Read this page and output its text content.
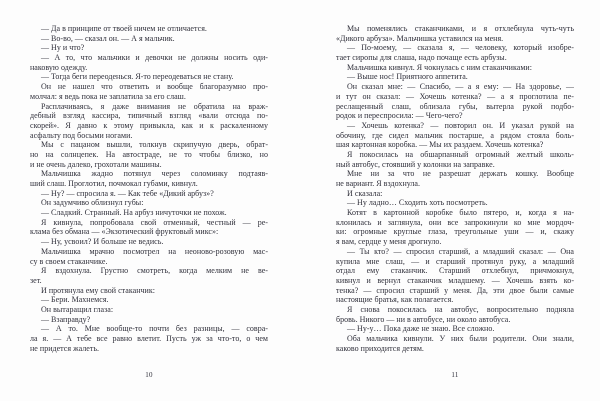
— Да в принципе от твоей ничем не отличается.
— Во-во, — сказал он. — А я мальчик.
— Ну и что?
— А то, что мальчики и девочки не должны носить оди-
наковую одежду.
— Тогда беги переоденься. Я-то переодеваться не стану.
Он не нашел что ответить и вообще благоразумно про-
молчал: я ведь пока не заплатила за его слаш.
Расплачиваясь, я даже внимания не обратила на враж-
дебный взгляд кассира, типичный взгляд «вали отсюда по-
скорей». Я давно к этому привыкла, как и к раскаленному
асфальту под босыми ногами.
Мы с пацаном вышли, толкнув скрипучую дверь, обрат-
но на солнцепек. На автостраде, не то чтобы близко, но
и не очень далеко, грохотали машины.
Мальчишка жадно потянул через соломинку подтаяв-
ший слаш. Проглотил, почмокал губами, кивнул.
— Ну? — спросила я. — Как тебе «Дикий арбуз»?
Он задумчиво облизнул губы:
— Сладкий. Странный. На арбуз ничуточки не похож.
Я кивнула, попробовала свой отменный, честный — ре-
клама без обмана — «Экзотический фруктовый микс»:
— Ну, усвоил? И больше не ведись.
Мальчишка мрачно посмотрел на неоново-розовую мас-
су в своем стаканчике.
Я вздохнула. Грустно смотреть, когда мелким не ве-
зет.
И протянула ему свой стаканчик:
— Бери. Махнемся.
Он вытаращил глаза:
— Взаправду?
— А то. Мне вообще-то почти без разницы, — совра-
ла я. — А тебе все равно влетит. Пусть уж за что-то, о чем
не придется жалеть.
10
Мы поменялись стаканчиками, и я отхлебнула чуть-чуть
«Дикого арбуза». Мальчишка уставился на меня.
— По-моему, — сказала я, — человеку, который изобре-
тает сиропы для слаша, надо почаще есть арбузы.
Мальчишка кивнул. Я чокнулась с ним стаканчиками:
— Выше нос! Приятного аппетита.
Он сказал мне: — Спасибо, — а я ему: — На здоровье, —
и тут он сказал: — Хочешь котенка? — а я проглотила пе-
реслащенный слаш, облизала губы, вытерла рукой подбо-
родок и переспросила: — Чего-чего?
— Хочешь котенка? — повторил он. И указал рукой на
обочину, где сидел мальчик постарше, а рядом стояла боль-
шая картонная коробка. — Мы их раздаем. Хочешь котенка?
Я покосилась на обшарпанный огромный желтый школь-
ный автобус, стоявший у колонки на заправке.
Мне ни за что не разрешат держать кошку. Вообще
не вариант. Я вздохнула.
И сказала:
— Ну ладно… Сходить хоть посмотреть.
Котят в картонной коробке было пятеро, и, когда я на-
клонилась и заглянула, они все запрокинули ко мне мордоч-
ки: огромные круглые глаза, треугольные уши — и, скажу
я вам, сердце у меня дрогнуло.
— Ты кто? — спросил старший, а младший сказал: — Она
купила мне слаш, — и старший протянул руку, а младший
отдал ему стаканчик. Старший отхлебнул, причмокнул,
кивнул и вернул стаканчик младшему. — Хочешь взять ко-
тенка? — спросил старший у меня. Да, эти двое были самые
настоящие братья, как полагается.
Я снова покосилась на автобус, вопросительно подняла
бровь. Никого — ни в автобусе, ни около автобуса.
— Ну-у… Пока даже не знаю. Все сложно.
Оба мальчика кивнули. У них были родители. Они знали,
каково приходится детям.
11
